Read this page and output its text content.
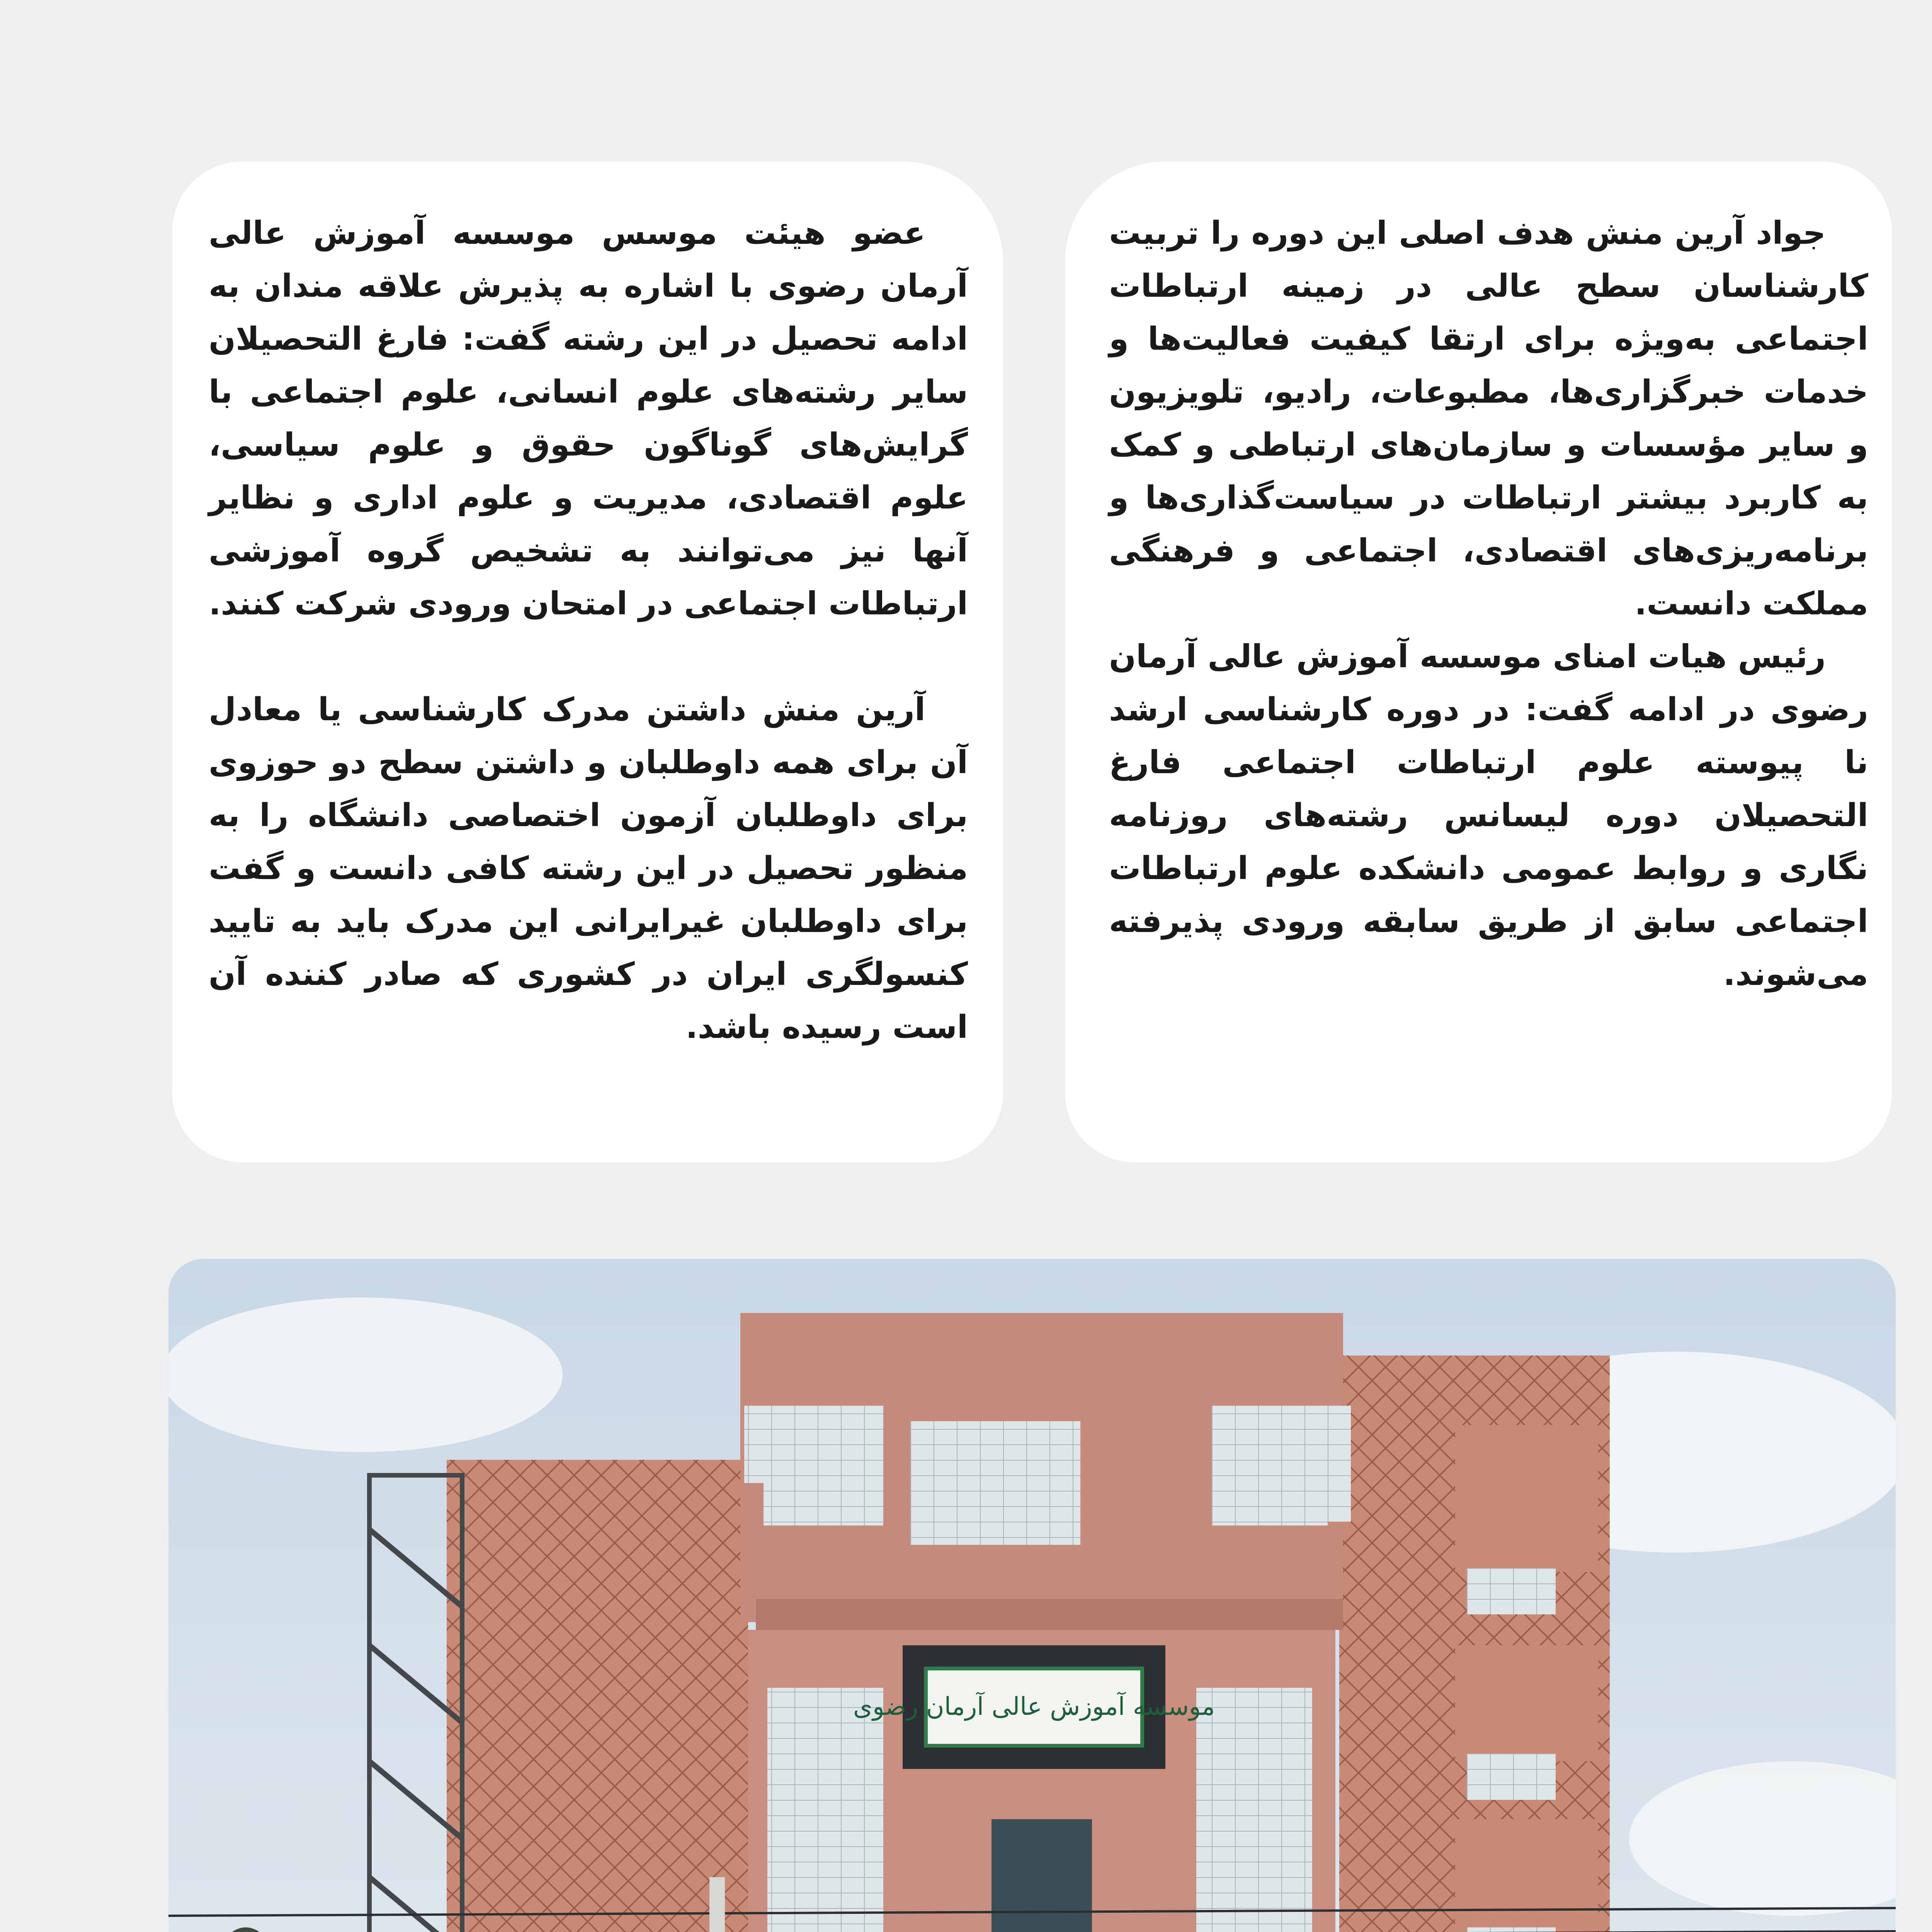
جواد آرین منش هدف اصلی این دوره را تربیت کارشناسان سطح عالی در زمینه ارتباطات اجتماعی به‌ویژه برای ارتقا کیفیت فعالیت‌ها و خدمات خبرگزاری‌ها، مطبوعات، رادیو، تلویزیون و سایر مؤسسات و سازمان‌های ارتباطی و کمک به کاربرد بیشتر ارتباطات در سیاست‌گذاری‌ها و برنامه‌ریزی‌های اقتصادی، اجتماعی و فرهنگی مملکت دانست.

رئیس هیات امنای موسسه آموزش عالی آرمان رضوی در ادامه گفت: در دوره کارشناسی ارشد نا پیوسته علوم ارتباطات اجتماعی فارغ التحصیلان دوره لیسانس رشته‌های روزنامه نگاری و روابط عمومی دانشکده علوم ارتباطات اجتماعی سابق از طریق سابقه ورودی پذیرفته می‌شوند.

عضو هیئت موسس موسسه آموزش عالی آرمان رضوی با اشاره به پذیرش علاقه مندان به ادامه تحصیل در این رشته گفت: فارغ التحصیلان سایر رشته‌های علوم انسانی، علوم اجتماعی با گرایش‌های گوناگون حقوق و علوم سیاسی، علوم اقتصادی، مدیریت و علوم اداری و نظایر آنها نیز می‌توانند به تشخیص گروه آموزشی ارتباطات اجتماعی در امتحان ورودی شرکت کنند.

آرین منش داشتن مدرک کارشناسی یا معادل آن برای همه داوطلبان و داشتن سطح دو حوزوی برای داوطلبان آزمون اختصاصی دانشگاه را به منظور تحصیل در این رشته کافی دانست و گفت برای داوطلبان غیرایرانی این مدرک باید به تایید کنسولگری ایران در کشوری که صادر کننده آن است رسیده باشد.

موسسه آموزش عالی آرمان رضوی
